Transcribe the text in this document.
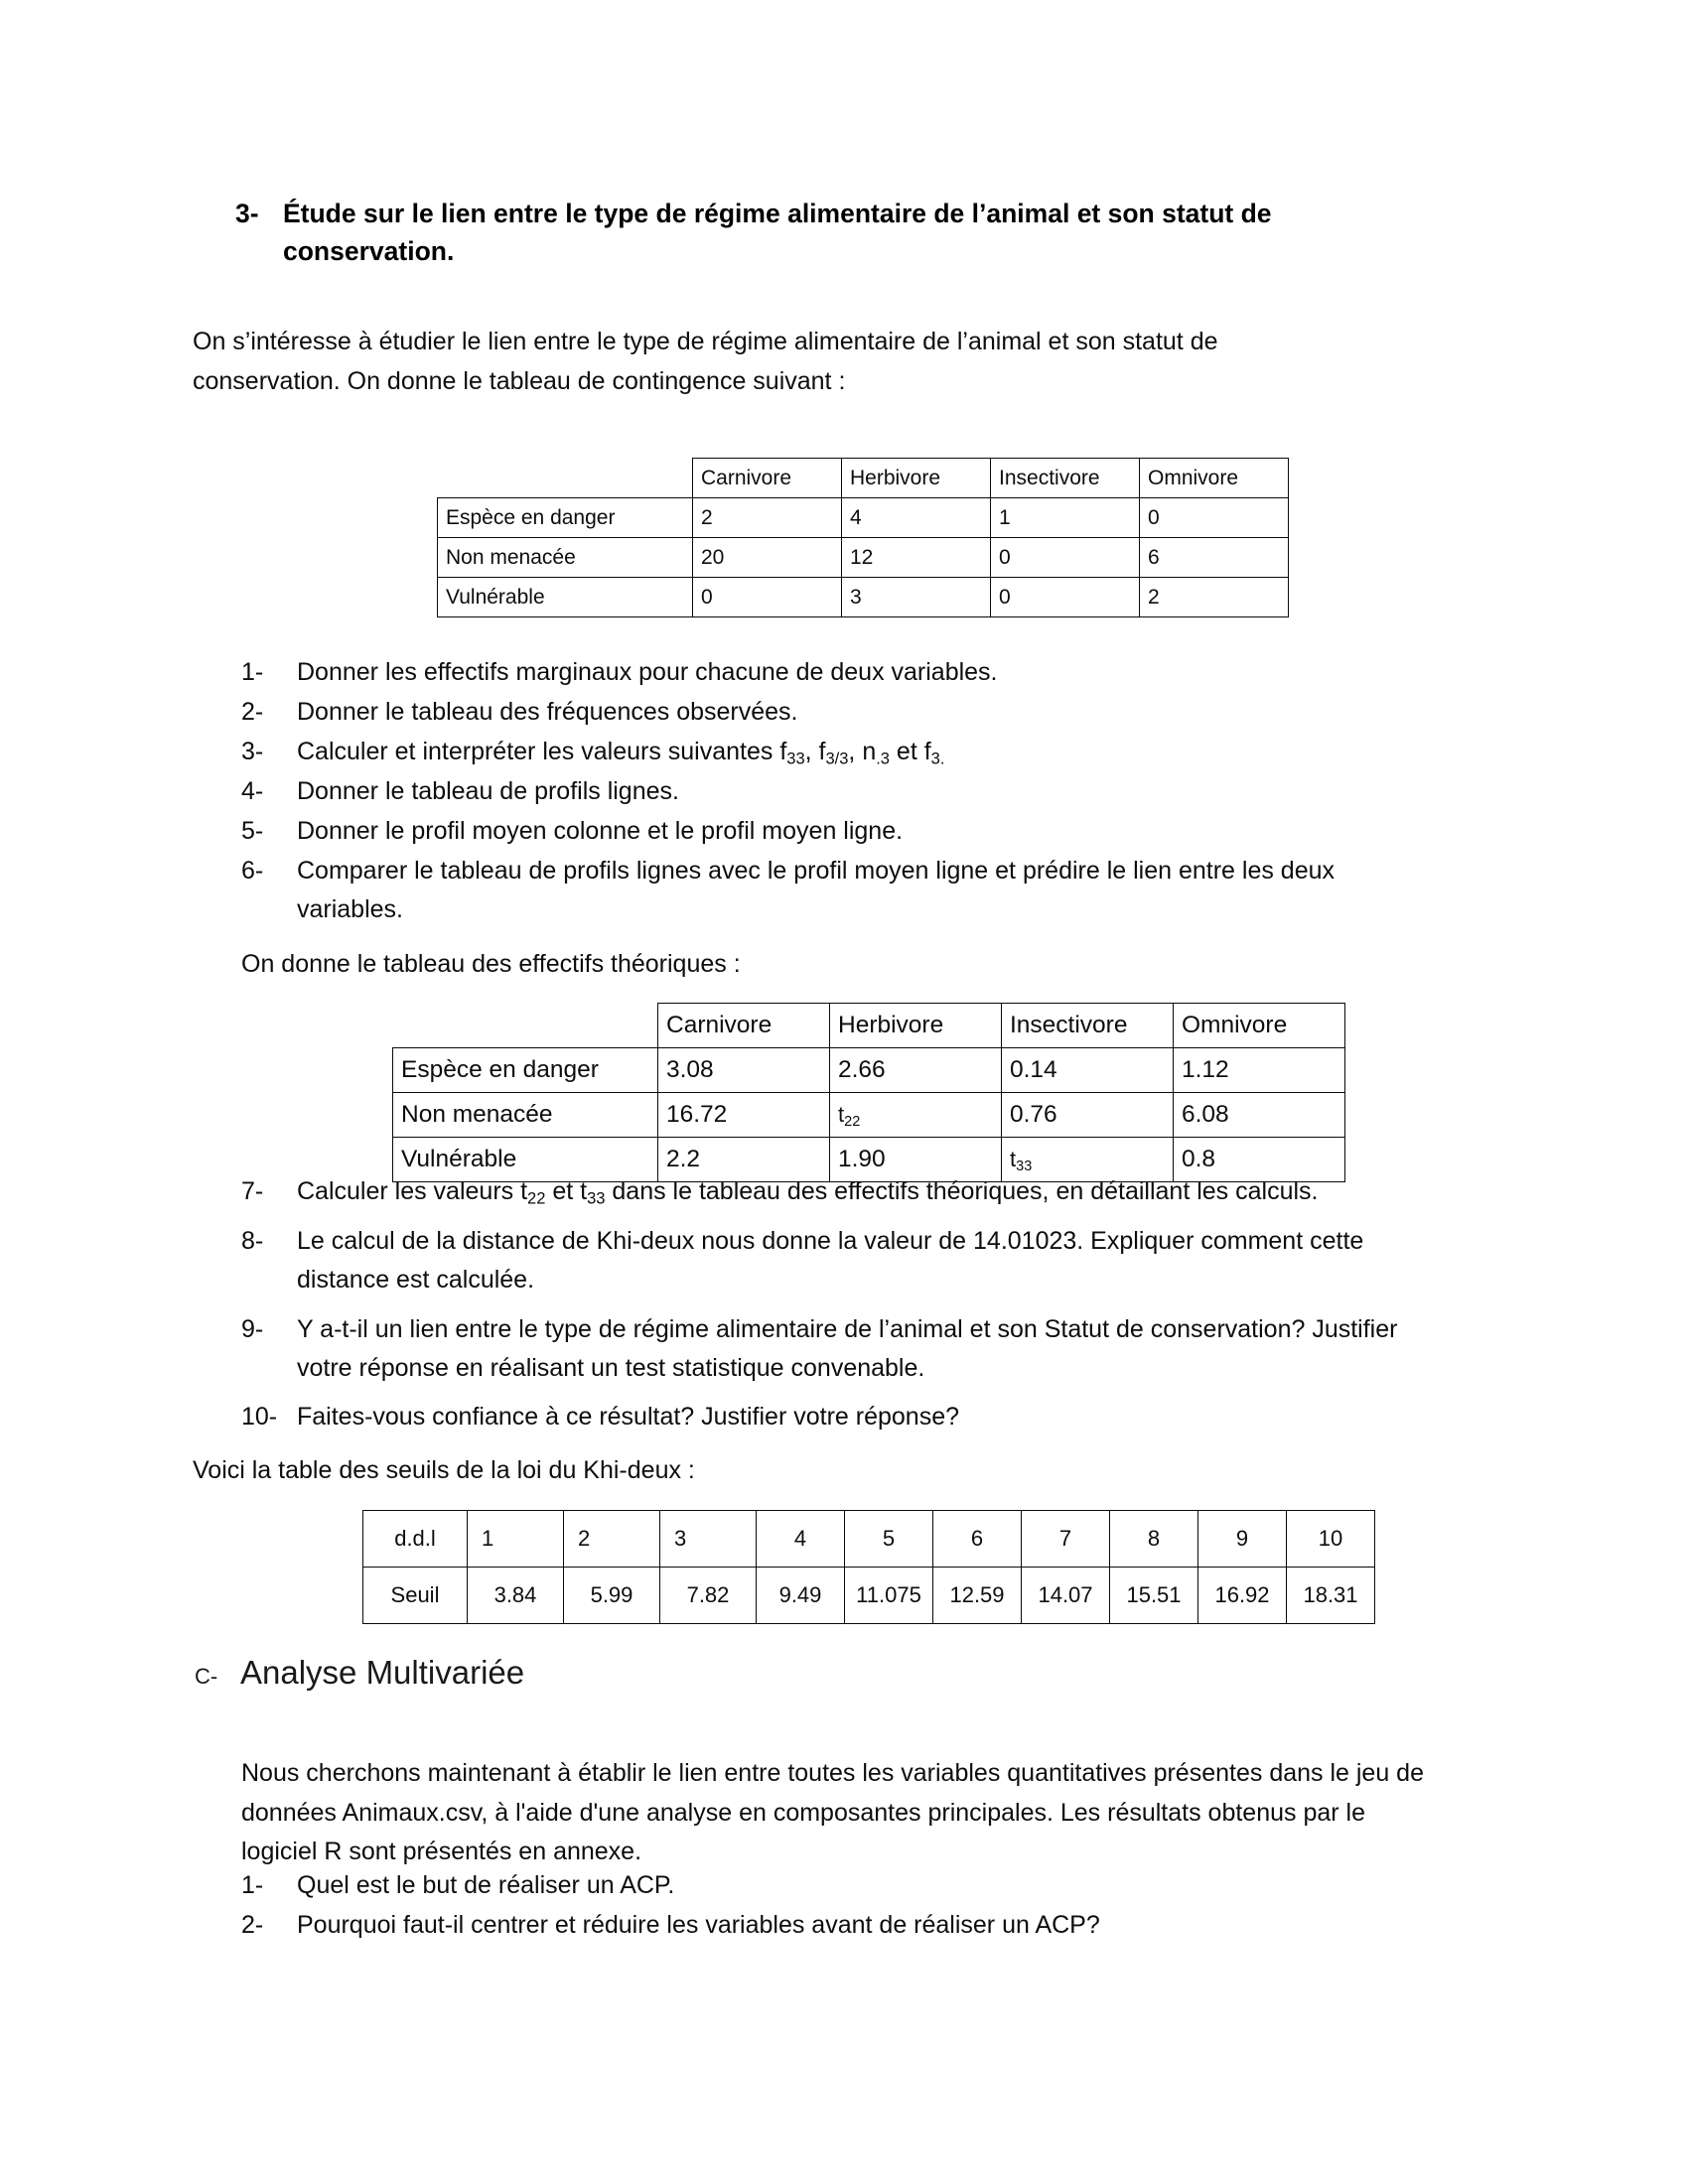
3- Étude sur le lien entre le type de régime alimentaire de l’animal et son statut de conservation.
On s’intéresse à étudier le lien entre le type de régime alimentaire de l’animal et son statut de conservation. On donne le tableau de contingence suivant :
	Carnivore	Herbivore	Insectivore	Omnivore
Espèce en danger	2	4	1	0
Non menacée	20	12	0	6
Vulnérable	0	3	0	2
1-	Donner les effectifs marginaux pour chacune de deux variables.
2-	Donner le tableau des fréquences observées.
3-	Calculer et interpréter les valeurs suivantes $f_{33}$, $f_{3/3}$, $n_{.3}$ et $f_{3.}$
4-	Donner le tableau de profils lignes.
5-	Donner le profil moyen colonne et le profil moyen ligne.
6-	Comparer le tableau de profils lignes avec le profil moyen ligne et prédire le lien entre les deux variables.
On donne le tableau des effectifs théoriques :
	Carnivore	Herbivore	Insectivore	Omnivore
Espèce en danger	3.08	2.66	0.14	1.12
Non menacée	16.72	$t_{22}$	0.76	6.08
Vulnérable	2.2	1.90	$t_{33}$	0.8
7-	Calculer les valeurs $t_{22}$ et $t_{33}$ dans le tableau des effectifs théoriques, en détaillant les calculs.
8-	Le calcul de la distance de Khi-deux nous donne la valeur de 14.01023. Expliquer comment cette distance est calculée.
9-	Y a-t-il un lien entre le type de régime alimentaire de l’animal et son Statut de conservation? Justifier votre réponse en réalisant un test statistique convenable.
10- Faites-vous confiance à ce résultat? Justifier votre réponse?
Voici la table des seuils de la loi du Khi-deux :
d.d.l	1	2	3	4	5	6	7	8	9	10
Seuil	3.84	5.99	7.82	9.49	11.075	12.59	14.07	15.51	16.92	18.31
C- Analyse Multivariée
Nous cherchons maintenant à établir le lien entre toutes les variables quantitatives présentes dans le jeu de données Animaux.csv, à l'aide d'une analyse en composantes principales. Les résultats obtenus par le logiciel R sont présentés en annexe.
1-	Quel est le but de réaliser un ACP.
2-	Pourquoi faut-il centrer et réduire les variables avant de réaliser un ACP?
